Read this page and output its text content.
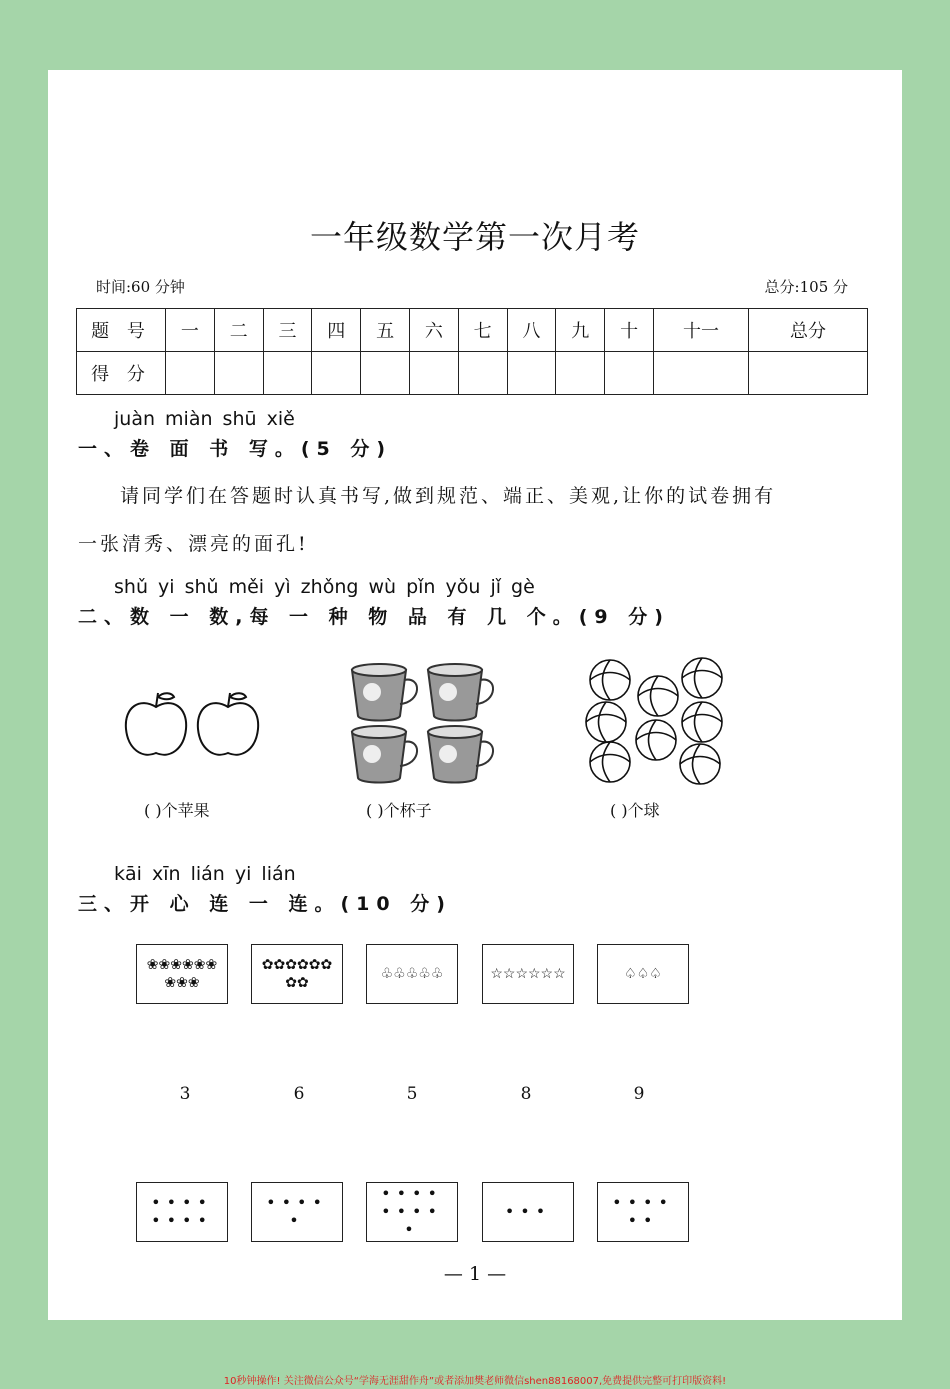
一年级数学第一次月考
时间:60 分钟	总分:105 分
题 号	一	二	三	四	五	六	七	八	九	十	十一	总分
得 分												
juàn miàn shū xiě
一、卷 面 书 写。(5 分)
请同学们在答题时认真书写,做到规范、端正、美观,让你的试卷拥有
一张清秀、漂亮的面孔!
shǔ yi shǔ měi yì zhǒng wù pǐn yǒu jǐ gè
二、数 一 数,每 一 种 物 品 有 几 个。(9 分)
( )个苹果	( )个杯子	( )个球
kāi xīn lián yi lián
三、开 心 连 一 连。(10 分)
❀❀❀❀❀❀❀❀❀
✿✿✿✿✿✿✿✿
♧♧♧♧♧	☆☆☆☆☆☆	♤♤♤
3	6	5	8	9
••••••••
•••••
•••••••••
•••	••••••
— 1 —
10秒钟操作! 关注微信公众号“学海无涯甜作舟”或者添加樊老师微信shen88168007,免费提供完整可打印版资料!
